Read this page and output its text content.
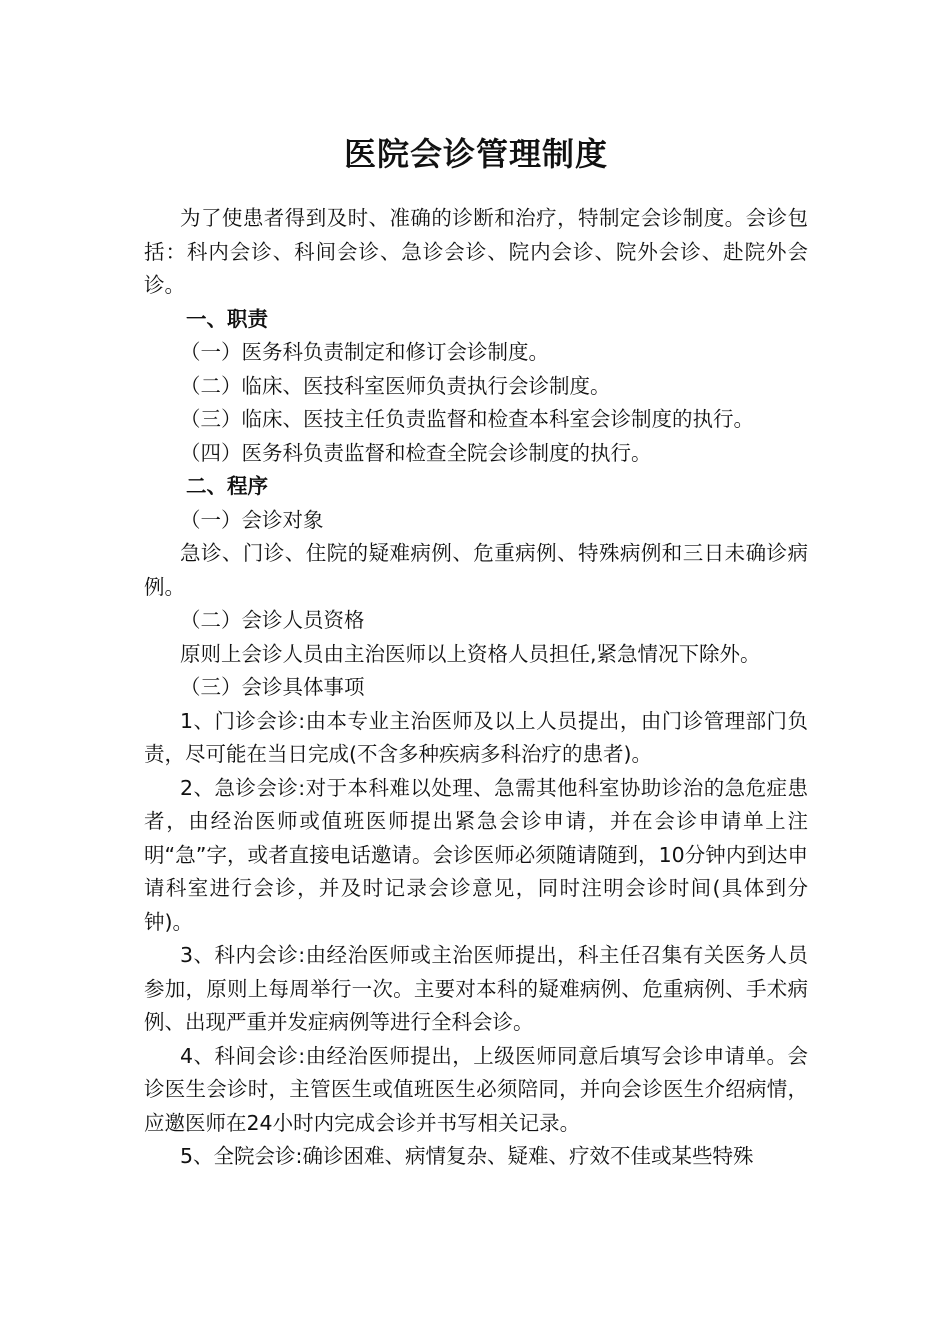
医院会诊管理制度

为了使患者得到及时、准确的诊断和治疗，特制定会诊制度。会诊包括：科内会诊、科间会诊、急诊会诊、院内会诊、院外会诊、赴院外会诊。

一、职责

（一）医务科负责制定和修订会诊制度。

（二）临床、医技科室医师负责执行会诊制度。

（三）临床、医技主任负责监督和检查本科室会诊制度的执行。

（四）医务科负责监督和检查全院会诊制度的执行。

二、程序

（一）会诊对象

急诊、门诊、住院的疑难病例、危重病例、特殊病例和三日未确诊病例。

（二）会诊人员资格

原则上会诊人员由主治医师以上资格人员担任,紧急情况下除外。

（三）会诊具体事项

1、门诊会诊:由本专业主治医师及以上人员提出，由门诊管理部门负责，尽可能在当日完成(不含多种疾病多科治疗的患者)。

2、急诊会诊:对于本科难以处理、急需其他科室协助诊治的急危症患者，由经治医师或值班医师提出紧急会诊申请，并在会诊申请单上注明“急”字，或者直接电话邀请。会诊医师必须随请随到，10分钟内到达申请科室进行会诊，并及时记录会诊意见，同时注明会诊时间(具体到分钟)。

3、科内会诊:由经治医师或主治医师提出，科主任召集有关医务人员参加，原则上每周举行一次。主要对本科的疑难病例、危重病例、手术病例、出现严重并发症病例等进行全科会诊。

4、科间会诊:由经治医师提出，上级医师同意后填写会诊申请单。会诊医生会诊时，主管医生或值班医生必须陪同，并向会诊医生介绍病情，应邀医师在24小时内完成会诊并书写相关记录。

5、全院会诊:确诊困难、病情复杂、疑难、疗效不佳或某些特殊
